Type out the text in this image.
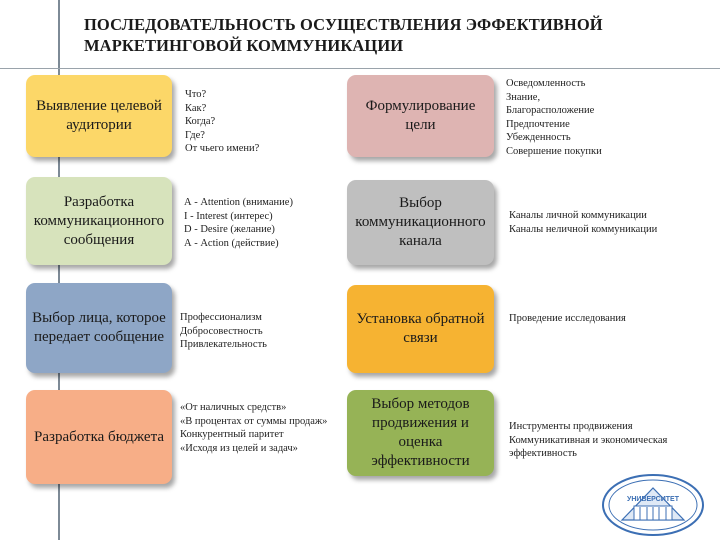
ПОСЛЕДОВАТЕЛЬНОСТЬ ОСУЩЕСТВЛЕНИЯ ЭФФЕКТИВНОЙ
МАРКЕТИНГОВОЙ КОММУНИКАЦИИ
Выявление целевой аудитории
Разработка коммуникационного сообщения
Выбор лица, которое передает сообщение
Разработка бюджета
Что?
Как?
Когда?
Где?
От чьего имени?
А - Attention (внимание)
I - Interest (интерес)
D - Desire (желание)
А - Action (действие)
Профессионализм
Добросовестность
Привлекательность
«От наличных средств»
«В процентах от суммы продаж»
Конкурентный паритет
«Исходя из целей и задач»
Формулирование цели
Выбор коммуникационного канала
Установка обратной связи
Выбор методов продвижения и оценка эффективности
Осведомленность
Знание,
Благорасположение
Предпочтение
Убежденность
Совершение покупки
Каналы личной коммуникации
Каналы неличной коммуникации
Проведение исследования
Инструменты продвижения
Коммуникативная и экономическая
эффективность
УНИВЕРСИТЕТ
